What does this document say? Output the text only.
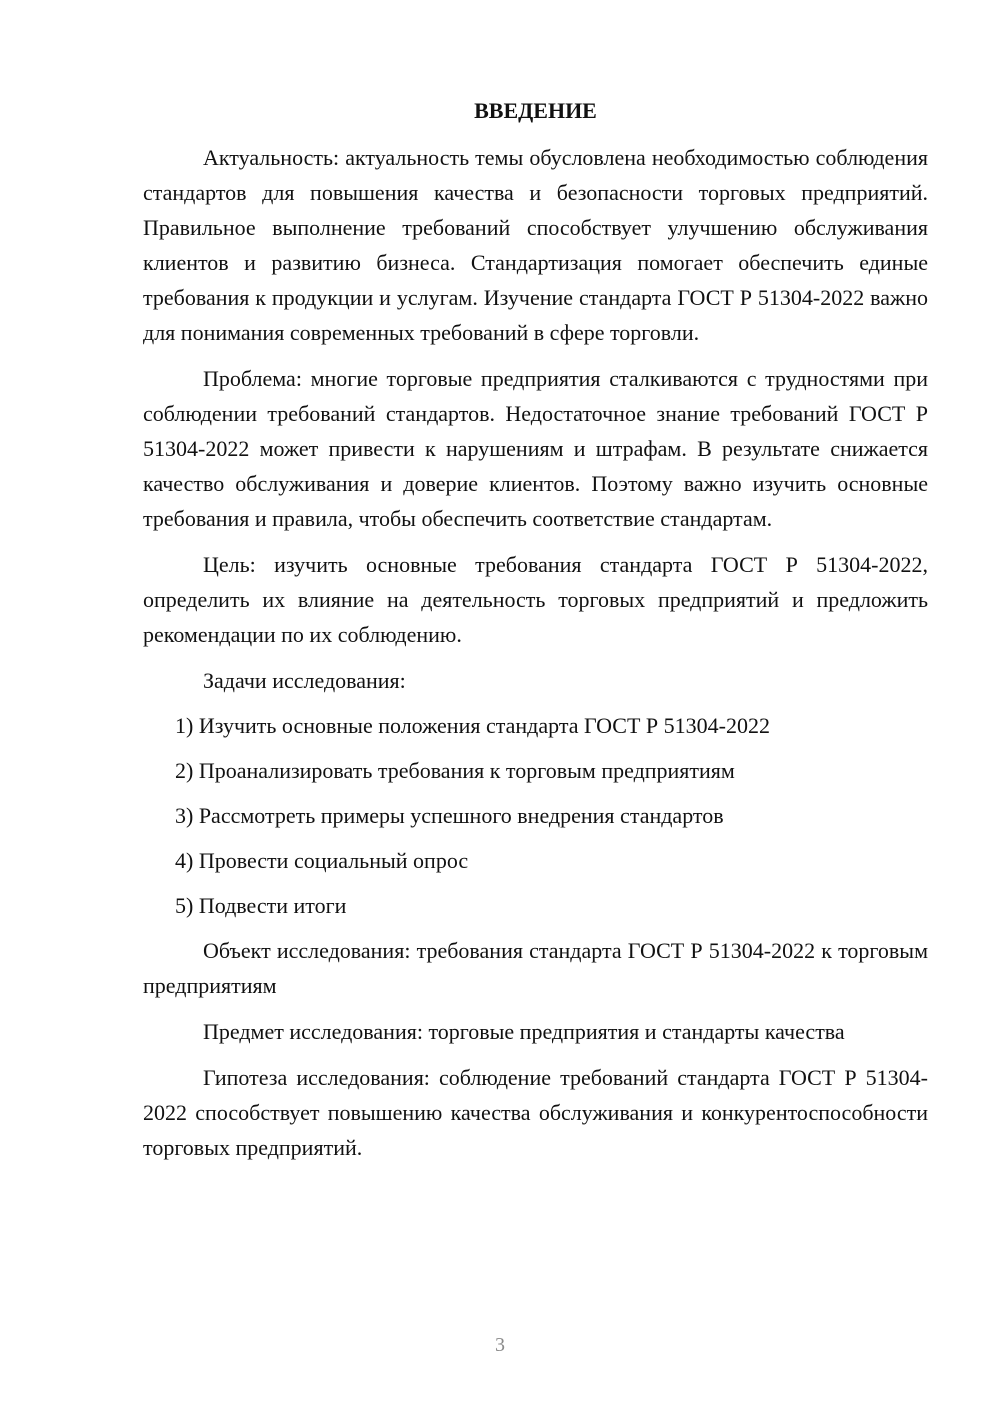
ВВЕДЕНИЕ

Актуальность: актуальность темы обусловлена необходимостью соблюдения стандартов для повышения качества и безопасности торговых предприятий. Правильное выполнение требований способствует улучшению обслуживания клиентов и развитию бизнеса. Стандартизация помогает обеспечить единые требования к продукции и услугам. Изучение стандарта ГОСТ Р 51304-2022 важно для понимания современных требований в сфере торговли.

Проблема: многие торговые предприятия сталкиваются с трудностями при соблюдении требований стандартов. Недостаточное знание требований ГОСТ Р 51304-2022 может привести к нарушениям и штрафам. В результате снижается качество обслуживания и доверие клиентов. Поэтому важно изучить основные требования и правила, чтобы обеспечить соответствие стандартам.

Цель: изучить основные требования стандарта ГОСТ Р 51304-2022, определить их влияние на деятельность торговых предприятий и предложить рекомендации по их соблюдению.

Задачи исследования:

1) Изучить основные положения стандарта ГОСТ Р 51304-2022
2) Проанализировать требования к торговым предприятиям
3) Рассмотреть примеры успешного внедрения стандартов
4) Провести социальный опрос
5) Подвести итоги

Объект исследования: требования стандарта ГОСТ Р 51304-2022 к торговым предприятиям

Предмет исследования: торговые предприятия и стандарты качества

Гипотеза исследования: соблюдение требований стандарта ГОСТ Р 51304-2022 способствует повышению качества обслуживания и конкурентоспособности торговых предприятий.

3
